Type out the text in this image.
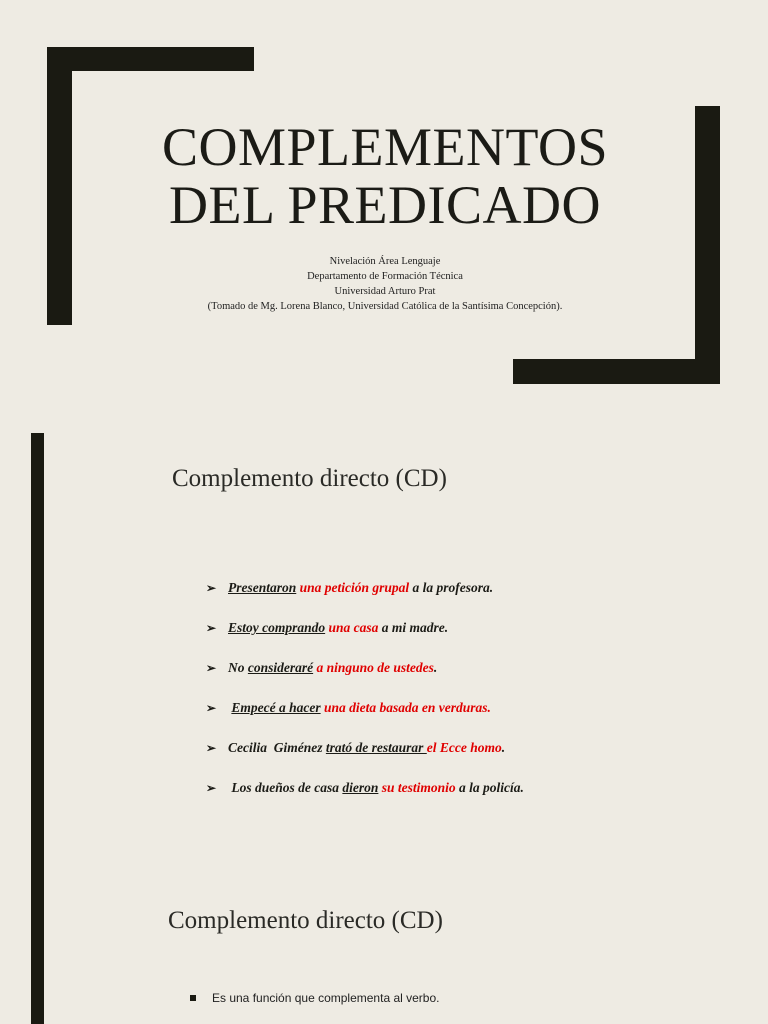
COMPLEMENTOS
DEL PREDICADO
Nivelación Área Lenguaje
Departamento de Formación Técnica
Universidad Arturo Prat
(Tomado de Mg. Lorena Blanco, Universidad Católica de la Santísima Concepción).
Complemento directo (CD)
➢ Presentaron una petición grupal a la profesora.
➢ Estoy comprando una casa a mi madre.
➢ No consideraré a ninguno de ustedes.
➢ Empecé a hacer una dieta basada en verduras.
➢ Cecilia  Giménez trató de restaurar el Ecce homo.
➢ Los dueños de casa dieron su testimonio a la policía.
Complemento directo (CD)
Es una función que complementa al verbo.
